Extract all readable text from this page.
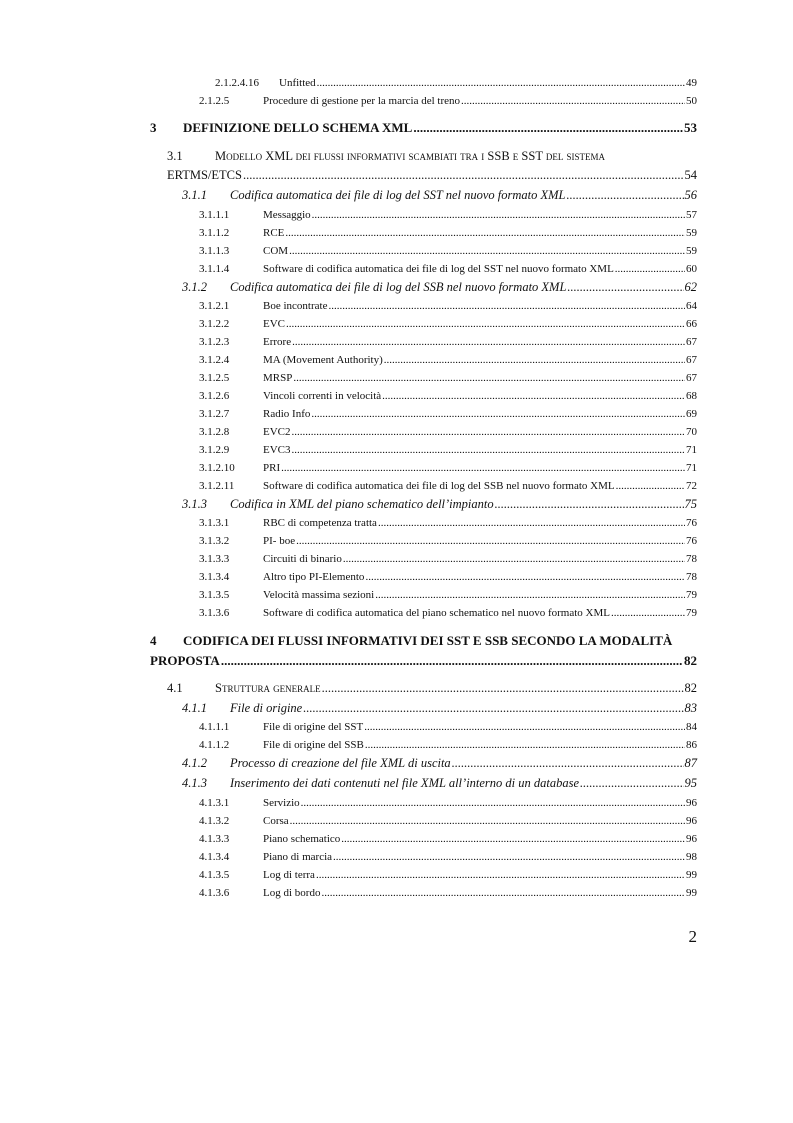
2.1.2.4.16	Unfitted .....	49
2.1.2.5	Procedure di gestione per la marcia del treno .....	50
3	DEFINIZIONE DELLO SCHEMA XML .....	53
3.1	Modello XML dei flussi informativi scambiati tra i SSB e SST del sistema
ERTMS/ETCS .....	54
3.1.1	Codifica automatica dei file di log del SST nel nuovo formato XML .....	56
3.1.1.1	Messaggio .....	57
3.1.1.2	RCE .....	59
3.1.1.3	COM .....	59
3.1.1.4	Software di codifica automatica dei file di log del SST nel nuovo formato XML .....	60
3.1.2	Codifica automatica dei file di log del SSB nel nuovo formato XML .....	62
3.1.2.1	Boe incontrate .....	64
3.1.2.2	EVC .....	66
3.1.2.3	Errore .....	67
3.1.2.4	MA (Movement Authority) .....	67
3.1.2.5	MRSP .....	67
3.1.2.6	Vincoli correnti in velocità .....	68
3.1.2.7	Radio Info .....	69
3.1.2.8	EVC2 .....	70
3.1.2.9	EVC3 .....	71
3.1.2.10	PRI .....	71
3.1.2.11	Software di codifica automatica dei file di log del SSB nel nuovo formato XML .....	72
3.1.3	Codifica in XML del piano schematico dell’impianto .....	75
3.1.3.1	RBC di competenza tratta .....	76
3.1.3.2	PI- boe .....	76
3.1.3.3	Circuiti di binario .....	78
3.1.3.4	Altro tipo PI-Elemento .....	78
3.1.3.5	Velocità massima sezioni .....	79
3.1.3.6	Software di codifica automatica del piano schematico nel nuovo formato XML .....	79
4	CODIFICA DEI FLUSSI INFORMATIVI DEI SST E SSB SECONDO LA MODALITÀ
PROPOSTA .....	82
4.1	Struttura generale .....	82
4.1.1	File di origine .....	83
4.1.1.1	File di origine del SST .....	84
4.1.1.2	File di origine del SSB .....	86
4.1.2	Processo di creazione del file XML di uscita .....	87
4.1.3	Inserimento dei dati contenuti nel file XML all’interno di un database .....	95
4.1.3.1	Servizio .....	96
4.1.3.2	Corsa .....	96
4.1.3.3	Piano schematico .....	96
4.1.3.4	Piano di marcia .....	98
4.1.3.5	Log di terra .....	99
4.1.3.6	Log di bordo .....	99
2
